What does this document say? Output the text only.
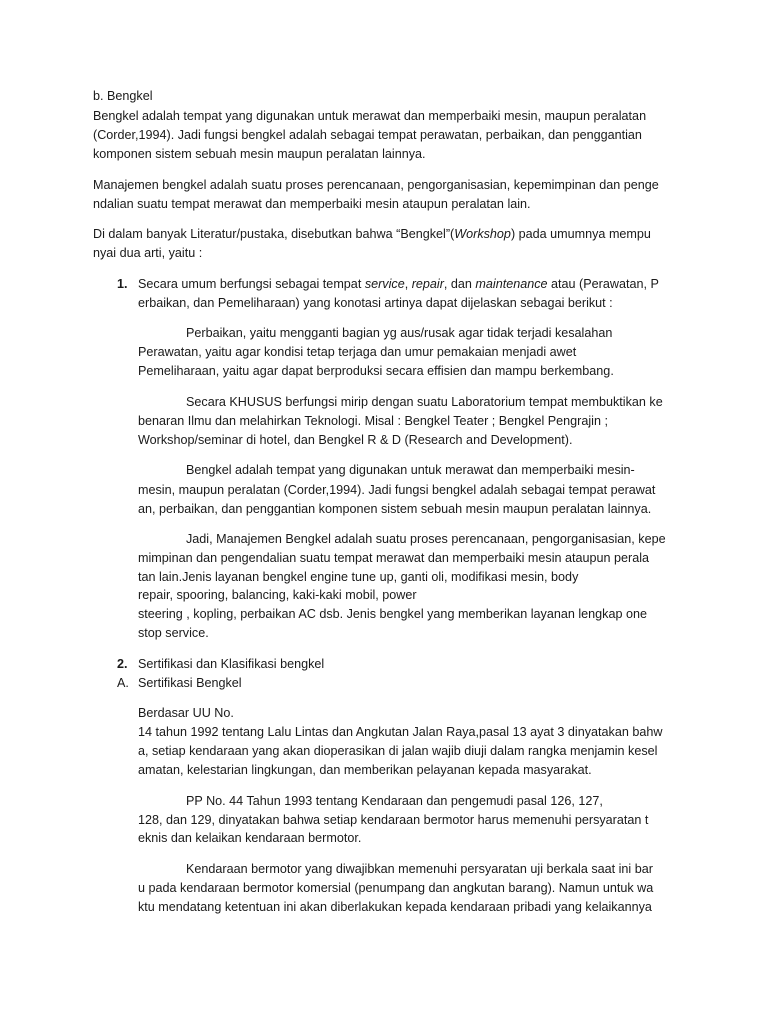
b. Bengkel
Bengkel adalah tempat yang digunakan untuk merawat dan memperbaiki mesin, maupun peralatan
(Corder,1994). Jadi fungsi bengkel adalah sebagai tempat perawatan, perbaikan, dan penggantian
komponen sistem sebuah mesin maupun peralatan lainnya.
Manajemen bengkel adalah suatu proses perencanaan, pengorganisasian, kepemimpinan dan penge
ndalian suatu tempat merawat dan memperbaiki mesin ataupun peralatan lain.
Di dalam banyak Literatur/pustaka, disebutkan bahwa “Bengkel”(Workshop) pada umumnya mempu
nyai dua arti, yaitu :
1. Secara umum berfungsi sebagai tempat service, repair, dan maintenance atau (Perawatan, P
erbaikan, dan Pemeliharaan) yang konotasi artinya dapat dijelaskan sebagai berikut :
Perbaikan, yaitu mengganti bagian yg aus/rusak agar tidak terjadi kesalahan
Perawatan, yaitu agar kondisi tetap terjaga dan umur pemakaian menjadi awet
Pemeliharaan, yaitu agar dapat berproduksi secara effisien dan mampu berkembang.
Secara KHUSUS berfungsi mirip dengan suatu Laboratorium tempat membuktikan ke
benaran Ilmu dan melahirkan Teknologi. Misal : Bengkel Teater ; Bengkel Pengrajin ;
Workshop/seminar di hotel, dan Bengkel R & D (Research and Development).
Bengkel adalah tempat yang digunakan untuk merawat dan memperbaiki mesin-
mesin, maupun peralatan (Corder,1994). Jadi fungsi bengkel adalah sebagai tempat perawat
an, perbaikan, dan penggantian komponen sistem sebuah mesin maupun peralatan lainnya.
Jadi, Manajemen Bengkel adalah suatu proses perencanaan, pengorganisasian, kepe
mimpinan dan pengendalian suatu tempat merawat dan memperbaiki mesin ataupun perala
tan lain.Jenis layanan bengkel engine tune up, ganti oli, modifikasi mesin, body
repair, spooring, balancing, kaki-kaki mobil, power
steering , kopling, perbaikan AC dsb. Jenis bengkel yang memberikan layanan lengkap one
stop service.
2. Sertifikasi dan Klasifikasi bengkel
A. Sertifikasi Bengkel
Berdasar UU No.
14 tahun 1992 tentang Lalu Lintas dan Angkutan Jalan Raya,pasal 13 ayat 3 dinyatakan bahw
a, setiap kendaraan yang akan dioperasikan di jalan wajib diuji dalam rangka menjamin kesel
amatan, kelestarian lingkungan, dan memberikan pelayanan kepada masyarakat.
PP No. 44 Tahun 1993 tentang Kendaraan dan pengemudi pasal 126, 127,
128, dan 129, dinyatakan bahwa setiap kendaraan bermotor harus memenuhi persyaratan t
eknis dan kelaikan kendaraan bermotor.
Kendaraan bermotor yang diwajibkan memenuhi persyaratan uji berkala saat ini bar
u pada kendaraan bermotor komersial (penumpang dan angkutan barang). Namun untuk wa
ktu mendatang ketentuan ini akan diberlakukan kepada kendaraan pribadi yang kelaikannya
